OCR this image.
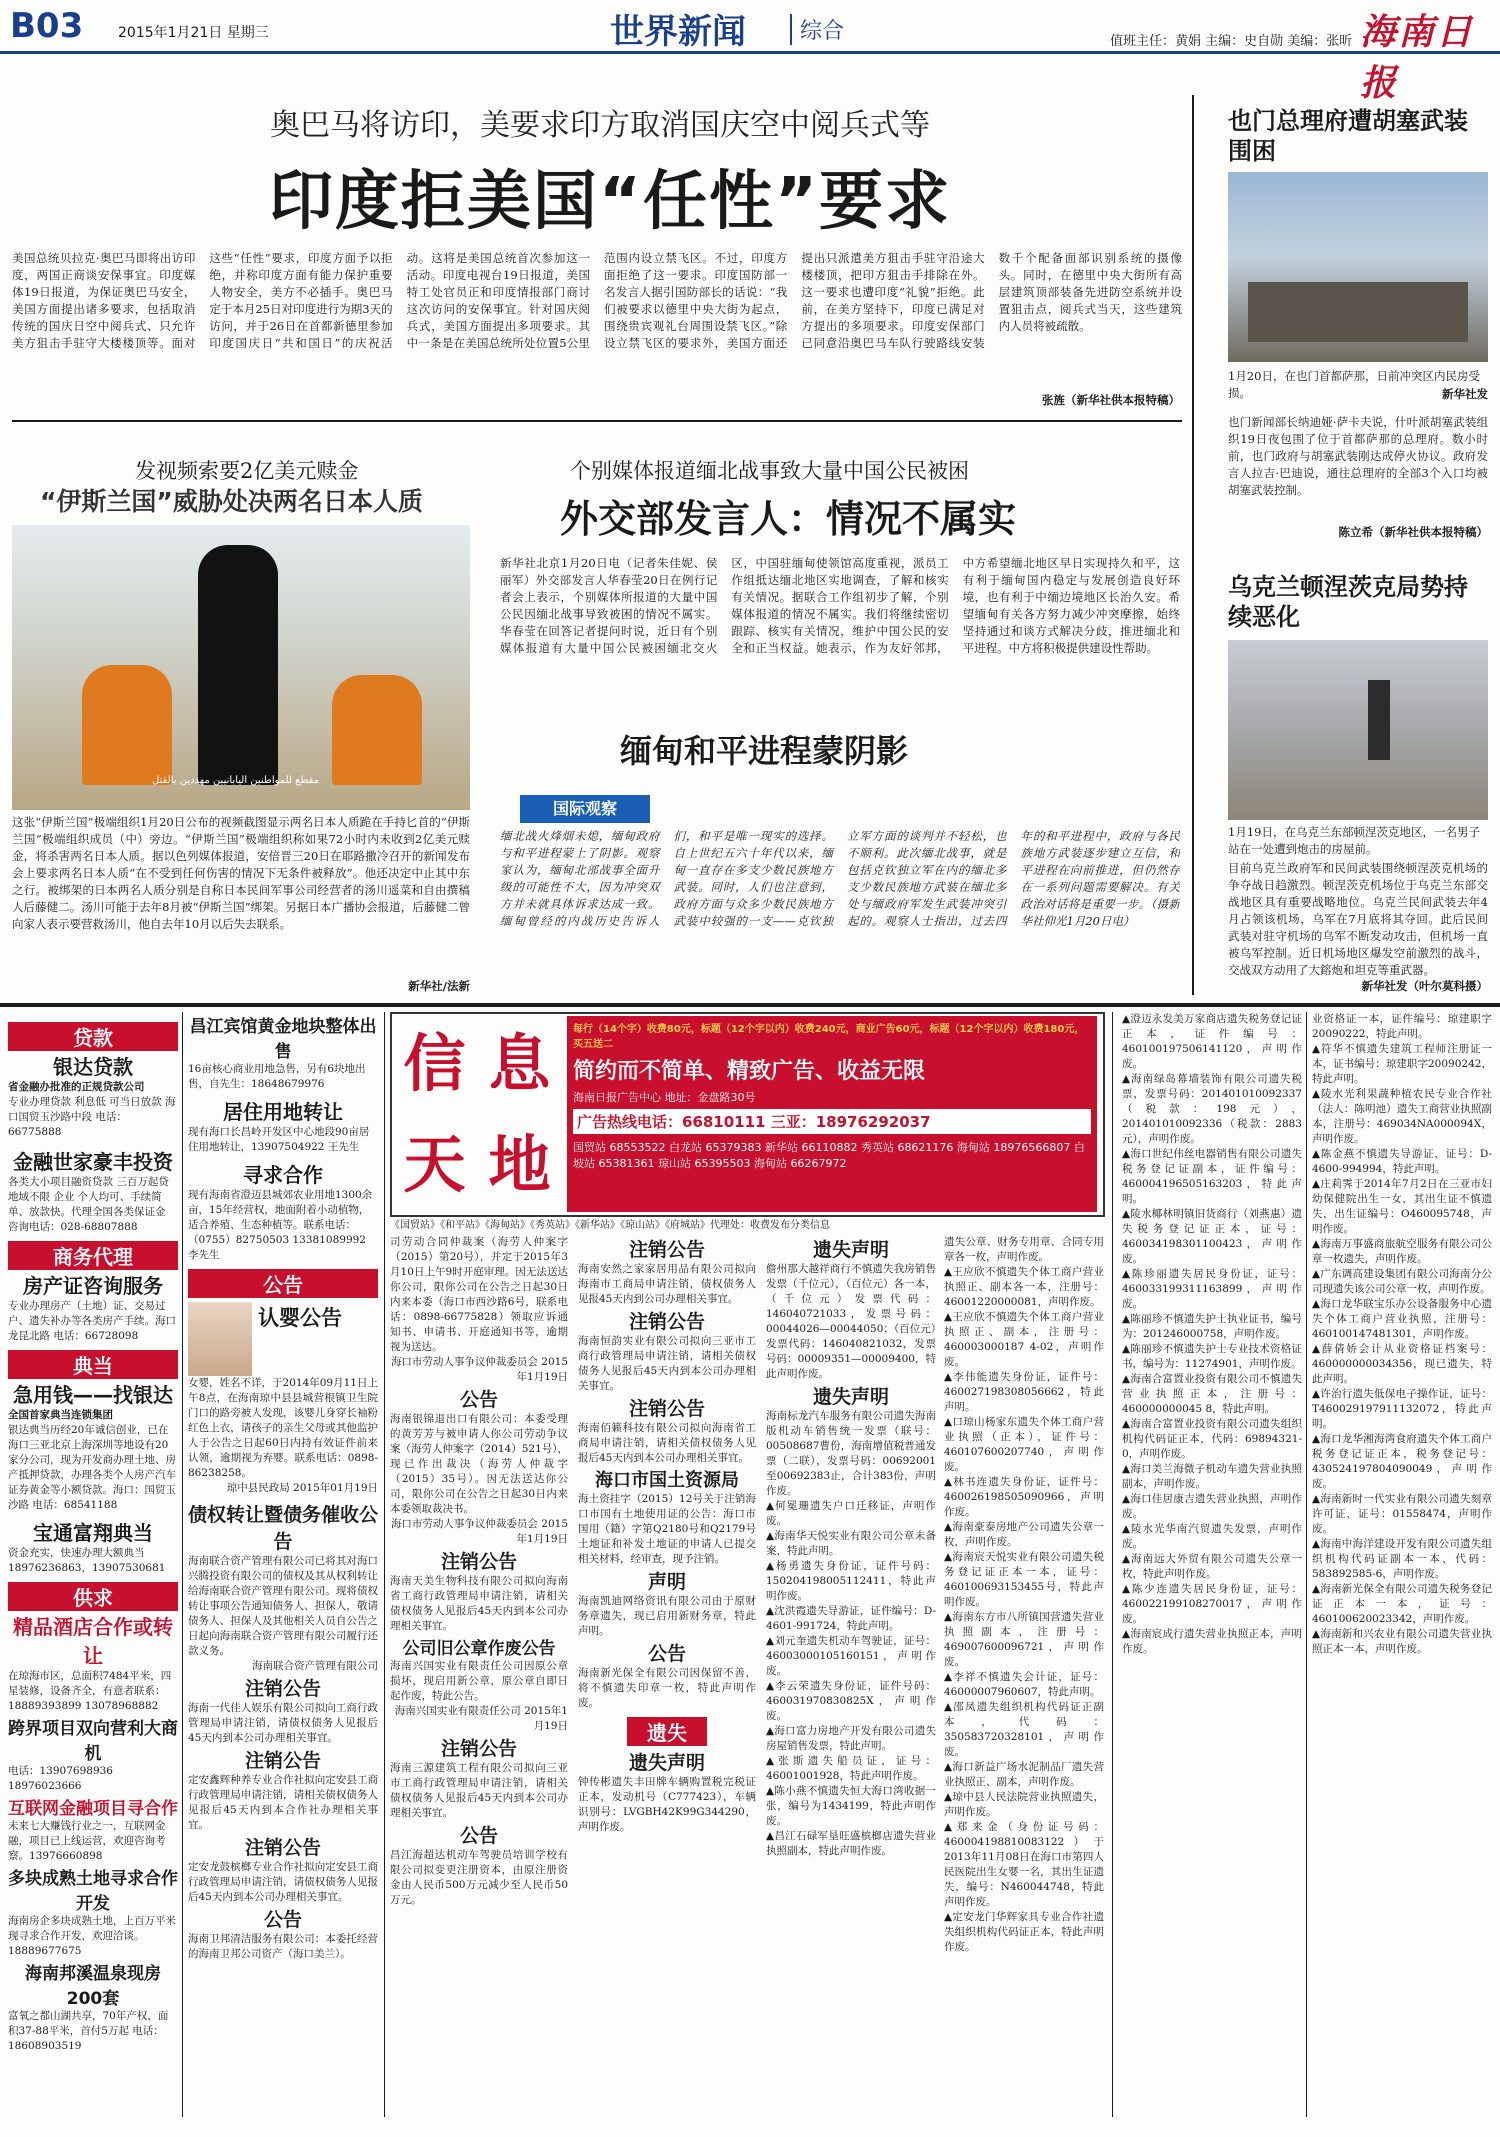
B03 2015年1月21日 星期三	世界新闻	综合	值班主任：黄娟 主编：史自勋 美编：张昕 海南日报
奥巴马将访印，美要求印方取消国庆空中阅兵式等
印度拒美国“任性”要求
美国总统贝拉克·奥巴马即将出访印度，两国正商谈安保事宜。印度媒体19日报道，为保证奥巴马安全，美国方面提出诸多要求，包括取消传统的国庆日空中阅兵式、只允许美方狙击手驻守大楼楼顶等。面对这些“任性”要求，印度方面予以拒绝，并称印度方面有能力保护重要人物安全，美方不必插手。奥巴马定于本月25日对印度进行为期3天的访问，并于26日在首都新德里参加印度国庆日“共和国日”的庆祝活动。这将是美国总统首次参加这一活动。印度电视台19日报道，美国特工处官员正和印度情报部门商讨这次访问的安保事宜。针对国庆阅兵式，美国方面提出多项要求。其中一条是在美国总统所处位置5公里范围内设立禁飞区。不过，印度方面拒绝了这一要求。印度国防部一名发言人据引国防部长的话说：“我们被要求以德里中央大街为起点，围绕贵宾观礼台周围设禁飞区。”除设立禁飞区的要求外，美国方面还提出只派遣美方狙击手驻守沿途大楼楼顶，把印方狙击手排除在外。这一要求也遭印度“礼貌”拒绝。此前，在美方坚持下，印度已满足对方提出的多项要求。印度安保部门已同意沿奥巴马车队行驶路线安装数千个配备面部识别系统的摄像头。同时，在德里中央大街所有高层建筑顶部装备先进防空系统并设置狙击点，阅兵式当天，这些建筑内人员将被疏散。
张旌（新华社供本报特稿）
也门总理府遭胡塞武装围困
1月20日，在也门首都萨那，日前冲突区内民房受损。	新华社发
也门新闻部长纳迪娅·萨卡夫说，什叶派胡塞武装组织19日夜包围了位于首都萨那的总理府。数小时前，也门政府与胡塞武装刚达成停火协议。政府发言人拉吉·巴迪说，通往总理府的全部3个入口均被胡塞武装控制。
陈立希（新华社供本报特稿）
乌克兰顿涅茨克局势持续恶化
1月19日，在乌克兰东部顿涅茨克地区，一名男子站在一处遭到炮击的房屋前。
目前乌克兰政府军和民间武装围绕顿涅茨克机场的争夺战日趋激烈。顿涅茨克机场位于乌克兰东部交战地区具有重要战略地位。乌克兰民间武装去年4月占领该机场，乌军在7月底将其夺回。此后民间武装对驻守机场的乌军不断发动攻击，但机场一直被乌军控制。近日机场地区爆发空前激烈的战斗，交战双方动用了大鎔炮和坦克等重武器。
新华社发（叶尔莫科摄）
发视频索要2亿美元赎金
“伊斯兰国”威胁处决两名日本人质
مقطع للمواطنين اليابانيين مهددين بالقتل
这张“伊斯兰国”极端组织1月20日公布的视频截图显示两名日本人质跪在手持匕首的“伊斯兰国”极端组织成员（中）旁边。“伊斯兰国”极端组织称如果72小时内未收到2亿美元赎金，将杀害两名日本人质。据以色列媒体报道，安倍晋三20日在耶路撒冷召开的新闻发布会上要求两名日本人质“在不受到任何伤害的情况下无条件被释放”。他还决定中止其中东之行。被绑架的日本两名人质分别是自称日本民间军事公司经营者的汤川遥菜和自由撰稿人后藤健二。汤川可能于去年8月被“伊斯兰国”绑架。另据日本广播协会报道，后藤健二曾向家人表示要营救汤川，他自去年10月以后失去联系。
新华社/法新
个别媒体报道缅北战事致大量中国公民被困
外交部发言人：情况不属实
新华社北京1月20日电（记者朱佳妮、侯丽军）外交部发言人华春莹20日在例行记者会上表示，个别媒体所报道的大量中国公民因缅北战事导致被困的情况不属实。华春莹在回答记者提问时说，近日有个别媒体报道有大量中国公民被困缅北交火区，中国驻缅甸使领馆高度重视，派员工作组抵达缅北地区实地调查，了解和核实有关情况。据联合工作组初步了解，个别媒体报道的情况不属实。我们将继续密切跟踪、核实有关情况，维护中国公民的安全和正当权益。她表示，作为友好邻邦，中方希望缅北地区早日实现持久和平，这有利于缅甸国内稳定与发展创造良好环境，也有利于中缅边境地区长治久安。希望缅甸有关各方努力减少冲突摩擦，始终坚持通过和谈方式解决分歧，推进缅北和平进程。中方将积极提供建设性帮助。
缅甸和平进程蒙阴影
国际观察
缅北战火烽烟未熄，缅甸政府与和平进程蒙上了阴影。观察家认为，缅甸北部战事全面升级的可能性不大，因为冲突双方并未就具体诉求达成一致。缅甸曾经的内战历史告诉人们，和平是唯一现实的选择。自上世纪五六十年代以来，缅甸一直存在多支少数民族地方武装。同时，人们也注意到，政府方面与众多少数民族地方武装中较强的一支——克钦独立军方面的谈判并不轻松，也不顺利。此次缅北战事，就是包括克钦独立军在内的缅北多支少数民族地方武装在缅北多处与缅政府军发生武装冲突引起的。观察人士指出，过去四年的和平进程中，政府与各民族地方武装逐步建立互信，和平进程在向前推进，但仍然存在一系列问题需要解决。有关政治对话将是重要一步。（摄新华社仰光1月20日电）
贷款
银达贷款
省金融办批准的正规贷款公司
专业办理贷款 利息低 可当日放款 海口国贸玉沙路中段 电话：66775888
金融世家豪丰投资
各类大小项目融资贷款 三百万起贷 地域不限 企业 个人均可、手续简单、放款快。代理全国各类保证金 咨询电话：028-68807888
商务代理
房产证咨询服务
专业办理房产（土地）证、交易过户、遗失补办等各类房产手续。海口龙昆北路 电话：66728098
典当
急用钱——找银达
全国首家典当连锁集团
银达典当历经20年诚信创业，已在海口三亚北京上海深圳等地设有20家分公司，现为开发商办理土地、房产抵押贷款，办理各类个人房产汽车证券黄金等小额贷款。海口：国贸玉沙路 电话：68541188
宝通富翔典当
资金充实，快速办理大额典当 18976236863，13907530681
供求
精品酒店合作或转让
在琼海市区，总面积7484平米，四星装修，设备齐全，有意者联系：18889393899 13078968882
跨界项目双向营利大商机
电话：13907698936 18976023666
互联网金融项目寻合作
未来七大赚钱行业之一，互联网金融，项目已上线运营，欢迎咨询考察。13976660898
多块成熟土地寻求合作开发
海南房企多块成熟土地，上百万平米现寻求合作开发，欢迎洽谈。18889677675
海南邦溪温泉现房200套
富氧之都山湖共享，70年产权，面积37-88平米，首付5万起 电话：18608903519
昌江宾馆黄金地块整体出售
16亩核心商业用地急售，另有6块地出售，自先生：18648679976
居住用地转让
现有海口长昌岭开发区中心地段90亩居住用地转让，13907504922 王先生
寻求合作
现有海南省澄迈县城郊农业用地1300余亩，15年经营权，地面附着小动植物，适合养殖、生态种植等。联系电话：（0755）82750503 13381089992 李先生
公告
认婴公告
女婴，姓名不详，于2014年09月11日上午8点，在海南琼中县县城营根镇卫生院门口的路旁被人发现，该婴儿身穿长袖粉红色上衣，请孩子的亲生父母或其他监护人于公告之日起60日内持有效证件前来认领，逾期视为弃婴。联系电话：0898-86238258。
琼中县民政局 2015年01月19日
债权转让暨债务催收公告
海南联合资产管理有限公司已将其对海口兴腾投资有限公司的债权及其从权利转让给海南联合资产管理有限公司。现将债权转让事项公告通知债务人、担保人，敬请债务人、担保人及其他相关人员自公告之日起向海南联合资产管理有限公司履行还款义务。
海南联合资产管理有限公司
注销公告
海南一代佳人娱乐有限公司拟向工商行政管理局申请注销，请债权债务人见报后45天内到本公司办理相关事宜。
注销公告
定安鑫辉种养专业合作社拟向定安县工商行政管理局申请注销，请相关债权债务人见报后45天内到本合作社办理相关事宜。
注销公告
定安龙鼓槟榔专业合作社拟向定安县工商行政管理局申请注销，请债权债务人见报后45天内到本公司办理相关事宜。
公告
海南卫邦清洁服务有限公司：本委托经营的海南卫邦公司资产（海口美兰）。
信 息
天 地
每行（14个字）收费80元，标题（12个字以内）收费240元，商业广告60元，标题（12个字以内）收费180元，买五送二
简约而不简单、精致广告、收益无限
海南日报广告中心 地址：金盘路30号
广告热线电话：66810111 三亚：18976292037
国贸站 68553522 白龙站 65379383 新华站 66110882 秀英站 68621176 海甸站 18976566807 白坡站 65381361 琼山站 65395503 海甸站 66267972
《国贸站》《和平站》《海甸站》《秀英站》《新华站》《琼山站》《府城站》代理处：收费发布分类信息
司劳动合同仲裁案（海劳人仲案字（2015）第20号），并定于2015年3月10日上午9时开庭审理。因无法送达你公司，限你公司在公告之日起30日内来本委（海口市西沙路6号，联系电话：0898-66775828）领取应诉通知书、申请书、开庭通知书等，逾期视为送达。
海口市劳动人事争议仲裁委员会 2015年1月19日
公告
海南银锦退出口有限公司：本委受理的黄芳芳与被申请人你公司劳动争议案（海劳人仲案字（2014）521号），现已作出裁决（海劳人仲裁字（2015）35号）。因无法送达你公司，限你公司在公告之日起30日内来本委领取裁决书。
海口市劳动人事争议仲裁委员会 2015年1月19日
注销公告
海南天美生物科技有限公司拟向海南省工商行政管理局申请注销，请相关债权债务人见报后45天内到本公司办理相关事宜。
公司旧公章作废公告
海南兴国实业有限责任公司因原公章损坏，现启用新公章，原公章自即日起作废，特此公告。
海南兴国实业有限责任公司 2015年1月19日
注销公告
海南三源建筑工程有限公司拟向三亚市工商行政管理局申请注销，请相关债权债务人见报后45天内到本公司办理相关事宜。
公告
昌江海超达机动车驾驶员培训学校有限公司拟变更注册资本，由原注册资金由人民币500万元减少至人民币50万元。
注销公告
海南安然之家家居用品有限公司拟向海南市工商局申请注销，债权债务人见报45天内到公司办理相关事宜。
注销公告
海南恒韵实业有限公司拟向三亚市工商行政管理局申请注销，请相关债权债务人见报后45天内到本公司办理相关事宜。
注销公告
海南佰籁科技有限公司拟向海南省工商局申请注销，请相关债权债务人见报后45天内到本公司办理相关事宜。
海口市国土资源局
海土资挂字（2015）12号关于注销海口市国有土地使用证的公告：海口市国用（籍）字第Q2180号和Q2179号土地证和补发土地证的申请人已提交相关材料，经审查，现予注销。
声明
海南凯迪网络资讯有限公司由于原财务章遗失，现已启用新财务章，特此声明。
公告
海南新光保全有限公司因保留不善，将不慎遗失印章一枚，特此声明作废。
遗失
遗失声明
钟传彬遗失丰田牌车辆购置税完税证正本，发动机号（C777423），车辆识别号：LVGBH42K99G344290，声明作废。
遗失声明
儋州那大越祥商行不慎遗失我房销售发票（千位元），（百位元）各一本，（千位元）发票代码：146040721033，发票号码：00044026—00044050；（百位元）发票代码：146040821032，发票号码：00009351—00009400，特此声明作废。
遗失声明
海南标龙汽车服务有限公司遗失海南版机动车销售统一发票（联号：00508687曹份，海南增值税普通发票（二联），发票号码：00692001至00692383止，合计383份，声明作废。
▲何冕珊遗失户口迁移证，声明作废。
▲海南华天悦实业有限公司公章未备案，特此声明。
▲杨勇遗失身份证，证件号码：150204198005112411，特此声明作废。
▲沈洪霞遗失导游证，证件编号：D-4601-991724，特此声明。
▲刘元奎遗失机动车驾驶证，证号：46003000105160151，声明作废。
▲李云荣遗失身份证，证件号码：460031970830825X，声明作废。
▲海口富力房地产开发有限公司遗失房屋销售发票，特此声明。
▲张斯遗失船员证，证号：46001001928，特此声明作废。
▲陈小燕不慎遗失恒大海口湾收据一张，编号为1434199，特此声明作废。
▲昌江石碌军垦旺盛槟榔店遗失营业执照副本，特此声明作废。
遗失公章、财务专用章、合同专用章各一枚，声明作废。
▲王应欣不慎遗失个体工商户营业执照正、副本各一本，注册号：46001220000081，声明作废。
▲王应欣不慎遗失个体工商户营业执照正、副本，注册号：460003000187 4-02，声明作废。
▲李伟能遗失身份证，证件号：460027198308056662，特此声明。
▲口琼山杨家东遗失个体工商户营业执照（正本），证件号：460107600207740，声明作废。
▲林书连遗失身份证，证件号：460026198505090966，声明作废。
▲海南豪泰房地产公司遗失公章一枚，声明作废。
▲海南宸天悦实业有限公司遗失税务登记证正本一本，证号：460100693153455号，特此声明作废。
▲海南东方市八所镇国营遗失营业执照副本，注册号：469007600096721，声明作废。
▲李祥不慎遗失会计证，证号：46000007960607，特此声明。
▲邵凤遗失组织机构代码证正副本，代码：350583720328101，声明作废。
▲海口新益广场水泥制品厂遗失营业执照正、副本，声明作废。
▲琼中县人民法院营业执照遗失，声明作废。
▲郑来金（身份证号码：460004198810083122）于2013年11月08日在海口市第四人民医院出生女婴一名，其出生证遗失，编号：N460044748，特此声明作废。
▲定安龙门华辉家具专业合作社遗失组织机构代码证正本，特此声明作废。
▲澄迈永发美万家商店遗失税务登记证正本，证件编号：460100197506141120，声明作废。
▲海南绿岛幕墙装饰有限公司遗失税票，发票号码：201401010092337（税款：198元），201401010092336（税款：2883元），声明作废。
▲海口世纪伟丝电器销售有限公司遗失税务登记证副本，证件编号：460004196505163203，特此声明。
▲陵水椰林明镇旧货商行（刘燕惠）遗失税务登记证正本，证号：460034198301100423，声明作废。
▲陈珍丽遗失居民身份证，证号：460033199311163899，声明作废。
▲陈丽珍不慎遗失护士执业证书，编号为：201246000758，声明作废。
▲陈丽珍不慎遗失护士专业技术资格证书，编号为：11274901，声明作废。
▲海南合富置业投资有限公司不慎遗失营业执照正本，注册号：460000000045 8，特此声明。
▲海南合富置业投资有限公司遗失组织机构代码证正本，代码：69894321-0，声明作废。
▲海口美兰海微子机动车遗失营业执照副本，声明作废。
▲海口佳居康吉遗失营业执照，声明作废。
▲陵水光华南汽贸遗失发票，声明作废。
▲海南远大外贸有限公司遗失公章一枚，特此声明作废。
▲陈少连遗失居民身份证，证号：460022199108270017，声明作废。
▲海南宸成行遗失营业执照正本，声明作废。
业资格证一本，证件编号：琼建职字20090222，特此声明。
▲符华不慎遗失建筑工程师注册证一本，证书编号：琼建职字20090242，特此声明。
▲陵水光利果蔬种植农民专业合作社（法人：陈明池）遗失工商营业执照副本，注册号：469034NA000094X，声明作废。
▲陈金燕不慎遗失导游证，证号：D-4600-994994，特此声明。
▲庄莉霁于2014年7月2日在三亚市妇幼保健院出生一女，其出生证不慎遗失，出生证编号：O460095748，声明作废。
▲海南万事盛商旅航空服务有限公司公章一枚遗失，声明作废。
▲广东调高建设集团有限公司海南分公司现遗失该公司公章一枚，声明作废。
▲海口龙华联宝乐办公设备服务中心遗失个体工商户营业执照，注册号：460100147481301，声明作废。
▲薛倩娇会计从业资格证档案号：460000000034356，现已遗失，特此声明。
▲许治行遗失低保电子操作证，证号：T460029197911132072，特此声明。
▲海口龙华湘海湾食府遗失个体工商户税务登记证正本，税务登记号：430524197804090049，声明作废。
▲海南新时一代实业有限公司遗失刻章许可证，证号：01558474，声明作废。
▲海南中海洋建设开发有限公司遗失组织机构代码证副本一本，代码：583892585-6，声明作废。
▲海南新光保全有限公司遗失税务登记证正本一本，证号：460100620023342，声明作废。
▲海南新和兴农业有限公司遗失营业执照正本一本，声明作废。
